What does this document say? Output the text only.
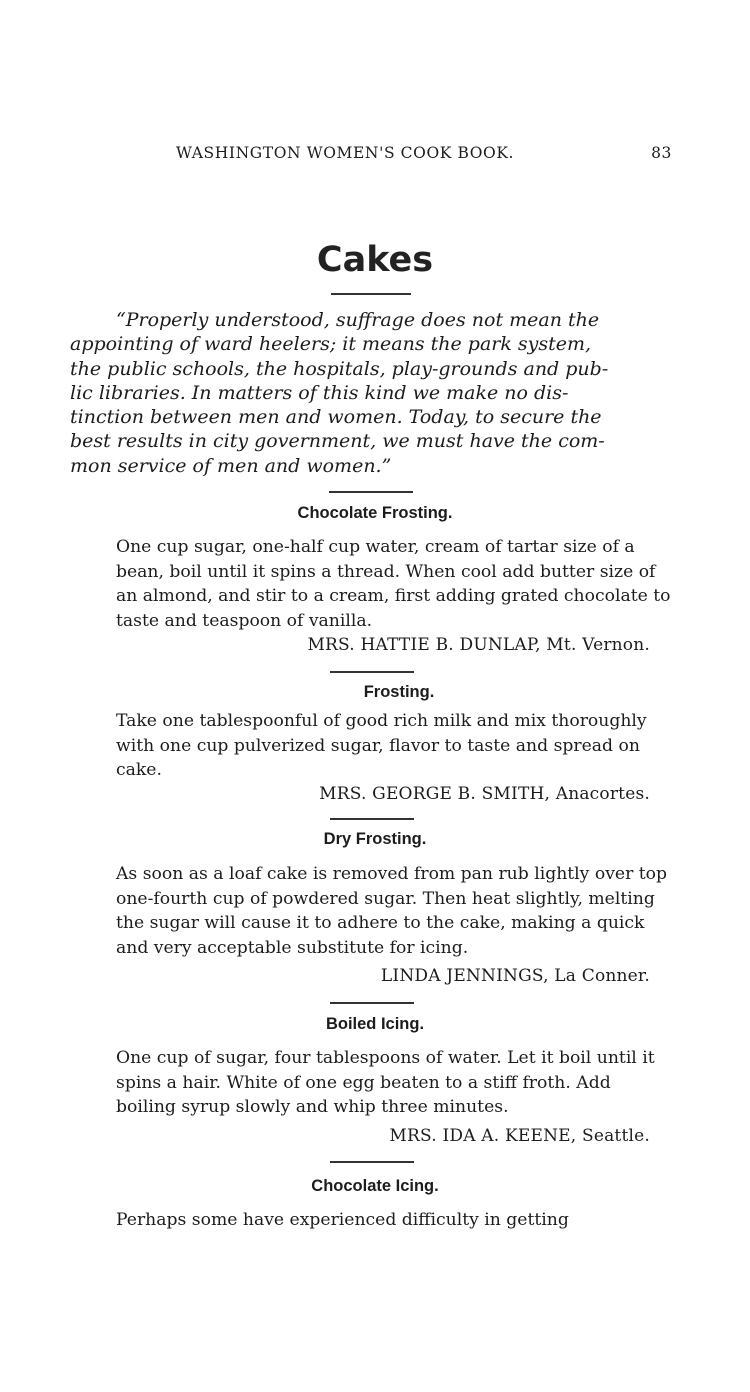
WASHINGTON WOMEN'S COOK BOOK.	83
Cakes
“Properly understood, suffrage does not mean the
appointing of ward heelers; it means the park system,
the public schools, the hospitals, play-grounds and pub-
lic libraries. In matters of this kind we make no dis-
tinction between men and women. Today, to secure the
best results in city government, we must have the com-
mon service of men and women.”
Chocolate Frosting.
One cup sugar, one-half cup water, cream of tartar size of a bean, boil until it spins a thread. When cool add butter size of an almond, and stir to a cream, first adding grated chocolate to taste and teaspoon of vanilla.
MRS. HATTIE B. DUNLAP, Mt. Vernon.
Frosting.
Take one tablespoonful of good rich milk and mix thoroughly with one cup pulverized sugar, flavor to taste and spread on cake.
MRS. GEORGE B. SMITH, Anacortes.
Dry Frosting.
As soon as a loaf cake is removed from pan rub lightly over top one-fourth cup of powdered sugar. Then heat slightly, melting the sugar will cause it to adhere to the cake, making a quick and very acceptable substitute for icing.
LINDA JENNINGS, La Conner.
Boiled Icing.
One cup of sugar, four tablespoons of water. Let it boil until it spins a hair. White of one egg beaten to a stiff froth. Add boiling syrup slowly and whip three minutes.
MRS. IDA A. KEENE, Seattle.
Chocolate Icing.
Perhaps some have experienced difficulty in getting
